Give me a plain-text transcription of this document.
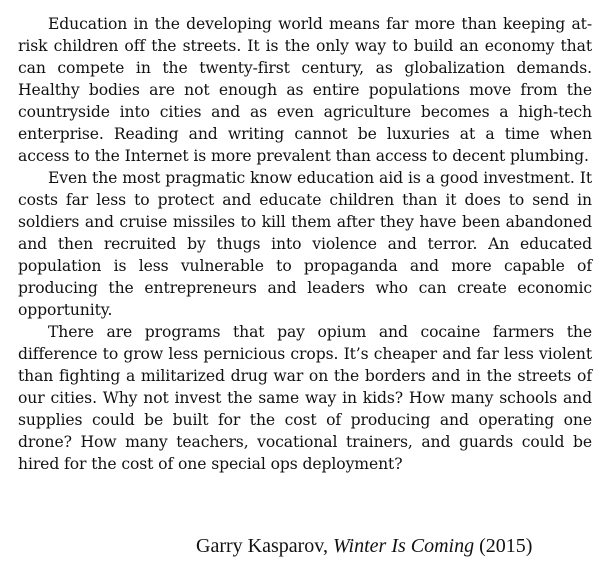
Education in the developing world means far more than keeping at-risk children off the streets. It is the only way to build an economy that can compete in the twenty-first century, as globalization demands. Healthy bodies are not enough as entire populations move from the countryside into cities and as even agriculture becomes a high-tech enterprise. Reading and writing cannot be luxuries at a time when access to the Internet is more prevalent than access to decent plumbing.

Even the most pragmatic know education aid is a good investment. It costs far less to protect and educate children than it does to send in soldiers and cruise missiles to kill them after they have been abandoned and then recruited by thugs into violence and terror. An educated population is less vulnerable to propaganda and more capable of producing the entrepreneurs and leaders who can create economic opportunity.

There are programs that pay opium and cocaine farmers the difference to grow less pernicious crops. It’s cheaper and far less violent than fighting a militarized drug war on the borders and in the streets of our cities. Why not invest the same way in kids? How many schools and supplies could be built for the cost of producing and operating one drone? How many teachers, vocational trainers, and guards could be hired for the cost of one special ops deployment?

Garry Kasparov, Winter Is Coming (2015)
